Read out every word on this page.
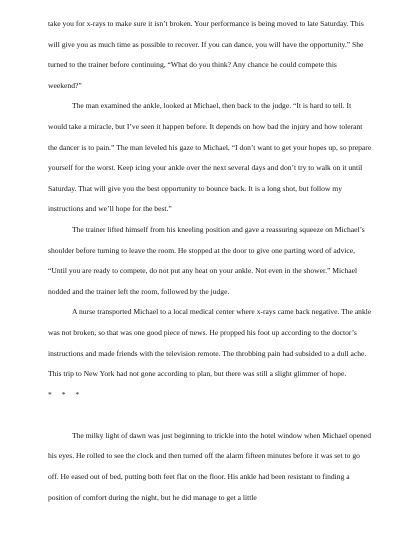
take you for x-rays to make sure it isn’t broken. Your performance is being moved to late Saturday. This will give you as much time as possible to recover. If you can dance, you will have the opportunity.” She turned to the trainer before continuing, “What do you think? Any chance he could compete this weekend?”

The man examined the ankle, looked at Michael, then back to the judge. “It is hard to tell. It would take a miracle, but I’ve seen it happen before. It depends on how bad the injury and how tolerant the dancer is to pain.” The man leveled his gaze to Michael, “I don’t want to get your hopes up, so prepare yourself for the worst. Keep icing your ankle over the next several days and don’t try to walk on it until Saturday. That will give you the best opportunity to bounce back. It is a long shot, but follow my instructions and we’ll hope for the best.”

The trainer lifted himself from his kneeling position and gave a reassuring squeeze on Michael’s shoulder before turning to leave the room. He stopped at the door to give one parting word of advice, “Until you are ready to compete, do not put any heat on your ankle. Not even in the shower.” Michael nodded and the trainer left the room, followed by the judge.

A nurse transported Michael to a local medical center where x-rays came back negative. The ankle was not broken, so that was one good piece of news. He propped his foot up according to the doctor’s instructions and made friends with the television remote. The throbbing pain had subsided to a dull ache. This trip to New York had not gone according to plan, but there was still a slight glimmer of hope.

* * *

The milky light of dawn was just beginning to trickle into the hotel window when Michael opened his eyes. He rolled to see the clock and then turned off the alarm fifteen minutes before it was set to go off. He eased out of bed, putting both feet flat on the floor. His ankle had been resistant to finding a position of comfort during the night, but he did manage to get a little
